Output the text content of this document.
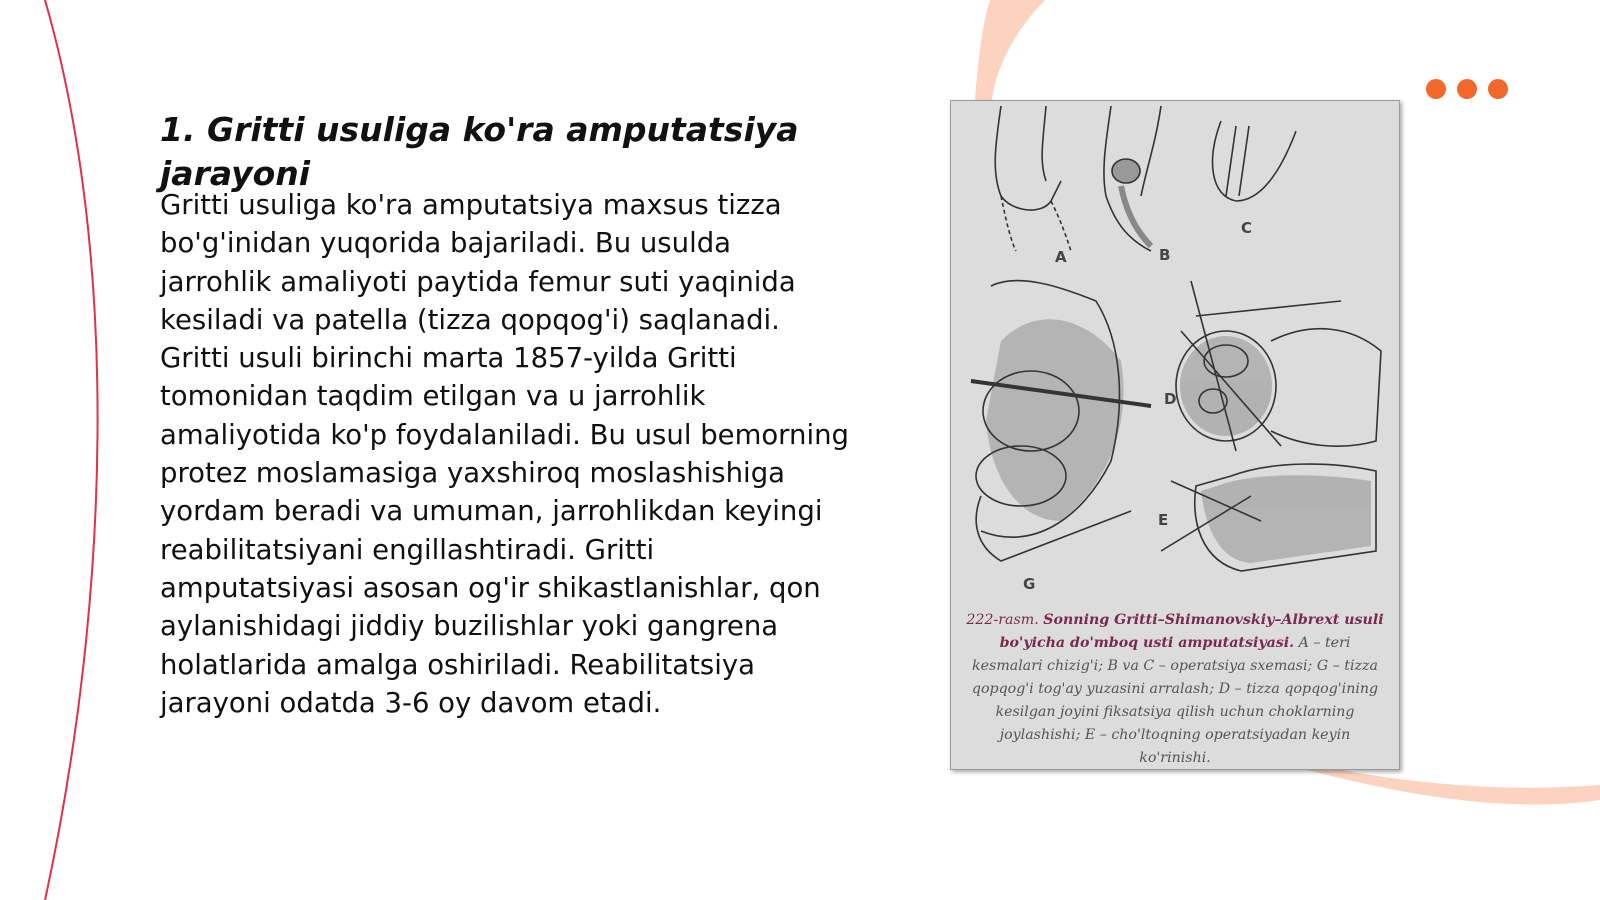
1. Gritti usuliga ko'ra amputatsiya jarayoni

Gritti usuliga ko'ra amputatsiya maxsus tizza bo'g'inidan yuqorida bajariladi. Bu usulda jarrohlik amaliyoti paytida femur suti yaqinida kesiladi va patella (tizza qopqog'i) saqlanadi. Gritti usuli birinchi marta 1857-yilda Gritti tomonidan taqdim etilgan va u jarrohlik amaliyotida ko'p foydalaniladi. Bu usul bemorning protez moslamasiga yaxshiroq moslashishiga yordam beradi va umuman, jarrohlikdan keyingi reabilitatsiyani engillashtiradi. Gritti amputatsiyasi asosan og'ir shikastlanishlar, qon aylanishidagi jiddiy buzilishlar yoki gangrena holatlarida amalga oshiriladi. Reabilitatsiya jarayoni odatda 3-6 oy davom etadi.

A	B
C
D
E
G

222-rasm. Sonning Gritti–Shimanovskiy–Albrext usuli bo'yicha do'mboq usti amputatsiyasi. A – teri kesmalari chizig'i; B va C – operatsiya sxemasi; G – tizza qopqog'i tog'ay yuzasini arralash; D – tizza qopqog'ining kesilgan joyini fiksatsiya qilish uchun choklarning joylashishi; E – cho'ltoqning operatsiyadan keyin ko'rinishi.
